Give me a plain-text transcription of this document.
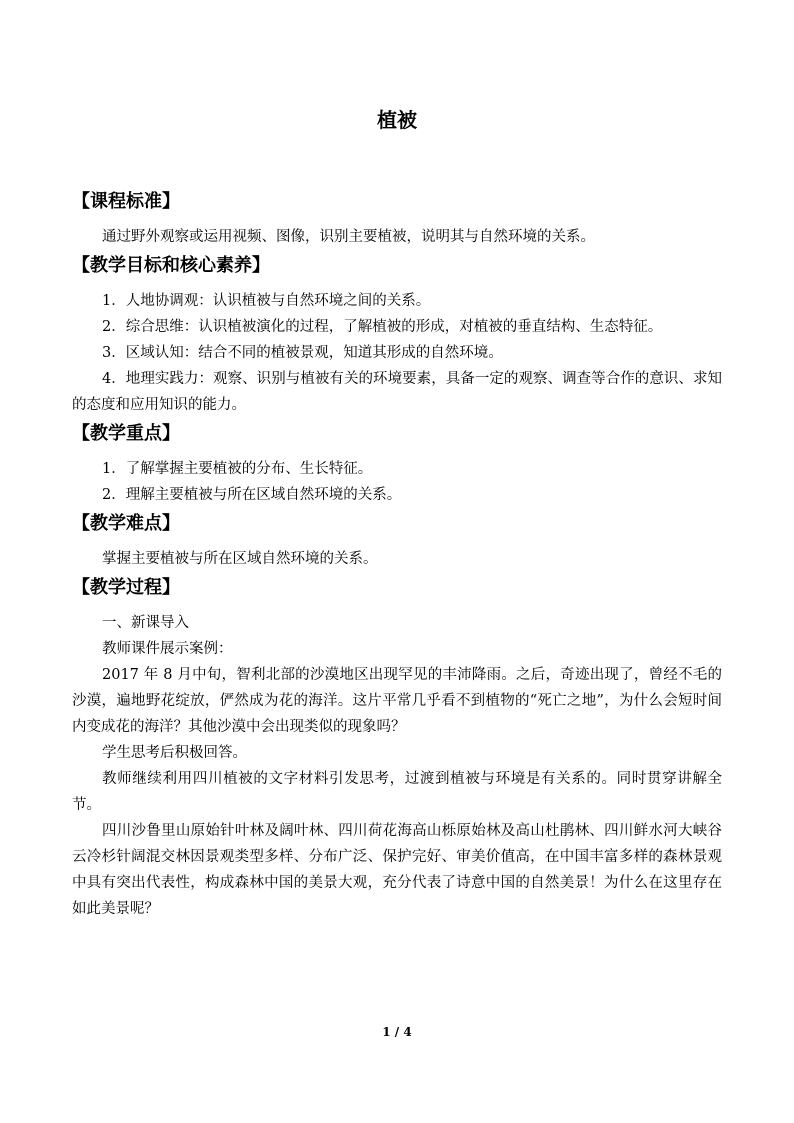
植被
【课程标准】

通过野外观察或运用视频、图像，识别主要植被，说明其与自然环境的关系。

【教学目标和核心素养】

1．人地协调观：认识植被与自然环境之间的关系。

2．综合思维：认识植被演化的过程，了解植被的形成，对植被的垂直结构、生态特征。

3．区域认知：结合不同的植被景观，知道其形成的自然环境。

4．地理实践力：观察、识别与植被有关的环境要素，具备一定的观察、调查等合作的意识、求知的态度和应用知识的能力。

【教学重点】

1．了解掌握主要植被的分布、生长特征。

2．理解主要植被与所在区域自然环境的关系。

【教学难点】

掌握主要植被与所在区域自然环境的关系。

【教学过程】

一、新课导入

教师课件展示案例：

2017 年 8 月中旬，智利北部的沙漠地区出现罕见的丰沛降雨。之后，奇迹出现了，曾经不毛的沙漠，遍地野花绽放，俨然成为花的海洋。这片平常几乎看不到植物的“死亡之地”，为什么会短时间内变成花的海洋？其他沙漠中会出现类似的现象吗？

学生思考后积极回答。

教师继续利用四川植被的文字材料引发思考，过渡到植被与环境是有关系的。同时贯穿讲解全节。

四川沙鲁里山原始针叶林及阔叶林、四川荷花海高山栎原始林及高山杜鹃林、四川鲜水河大峡谷云冷杉针阔混交林因景观类型多样、分布广泛、保护完好、审美价值高，在中国丰富多样的森林景观中具有突出代表性，构成森林中国的美景大观，充分代表了诗意中国的自然美景！为什么在这里存在如此美景呢？

1 / 4
